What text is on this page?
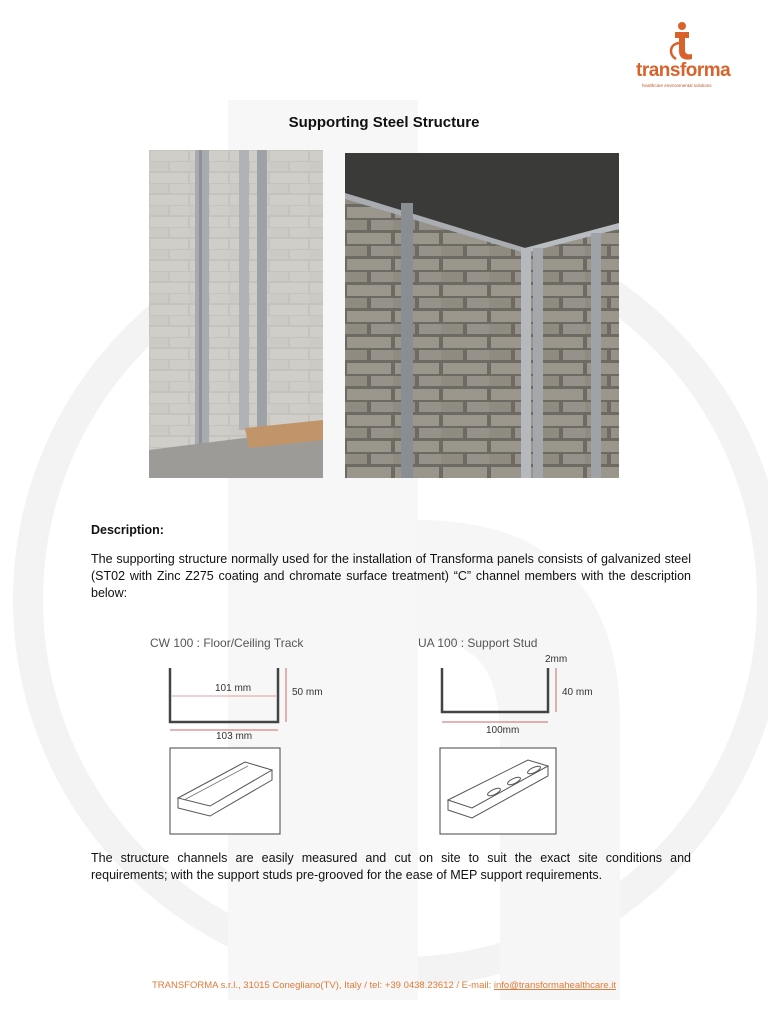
transforma
healthcare environmental solutions
Supporting Steel Structure
Description:
The supporting structure normally used for the installation of Transforma panels consists of galvanized steel (ST02 with Zinc Z275 coating and chromate surface treatment) “C” channel members with the description below:
CW 100 : Floor/Ceiling Track
101 mm	50 mm
103 mm
UA 100 : Support Stud
2mm
40 mm
100mm
The structure channels are easily measured and cut on site to suit the exact site conditions and requirements; with the support studs pre-grooved for the ease of MEP support requirements.
TRANSFORMA s.r.l., 31015 Conegliano(TV), Italy / tel: +39 0438.23612 / E-mail: info@transformahealthcare.it
